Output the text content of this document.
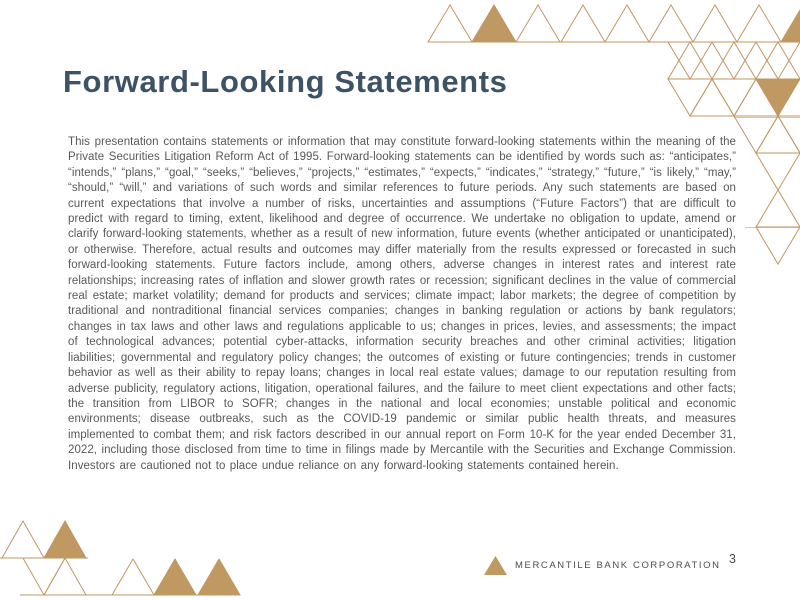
Forward-Looking Statements

This presentation contains statements or information that may constitute forward-looking statements within the meaning of the Private Securities Litigation Reform Act of 1995. Forward-looking statements can be identified by words such as: “anticipates,” “intends,” “plans,” “goal,” “seeks,” “believes,” “projects,” “estimates,” “expects,” “indicates,” “strategy,” “future,” “is likely,” “may,” “should,” “will,” and variations of such words and similar references to future periods. Any such statements are based on current expectations that involve a number of risks, uncertainties and assumptions (“Future Factors”) that are difficult to predict with regard to timing, extent, likelihood and degree of occurrence. We undertake no obligation to update, amend or clarify forward-looking statements, whether as a result of new information, future events (whether anticipated or unanticipated), or otherwise. Therefore, actual results and outcomes may differ materially from the results expressed or forecasted in such forward-looking statements. Future factors include, among others, adverse changes in interest rates and interest rate relationships; increasing rates of inflation and slower growth rates or recession; significant declines in the value of commercial real estate; market volatility; demand for products and services; climate impact; labor markets; the degree of competition by traditional and nontraditional financial services companies; changes in banking regulation or actions by bank regulators; changes in tax laws and other laws and regulations applicable to us; changes in prices, levies, and assessments; the impact of technological advances; potential cyber-attacks, information security breaches and other criminal activities; litigation liabilities; governmental and regulatory policy changes; the outcomes of existing or future contingencies; trends in customer behavior as well as their ability to repay loans; changes in local real estate values; damage to our reputation resulting from adverse publicity, regulatory actions, litigation, operational failures, and the failure to meet client expectations and other facts; the transition from LIBOR to SOFR; changes in the national and local economies; unstable political and economic environments; disease outbreaks, such as the COVID-19 pandemic or similar public health threats, and measures implemented to combat them; and risk factors described in our annual report on Form 10-K for the year ended December 31, 2022, including those disclosed from time to time in filings made by Mercantile with the Securities and Exchange Commission. Investors are cautioned not to place undue reliance on any forward-looking statements contained herein.

MERCANTILE BANK CORPORATION 3
